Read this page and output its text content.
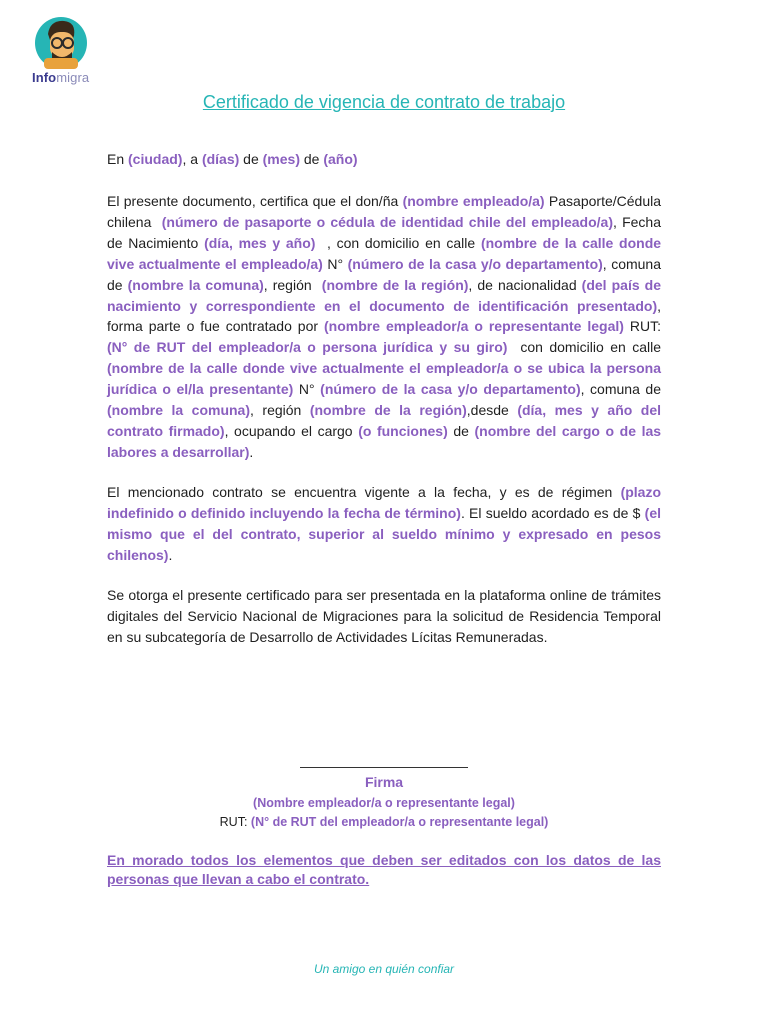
Infomigra
Certificado de vigencia de contrato de trabajo
En (ciudad), a (días) de (mes) de (año)
El presente documento, certifica que el don/ña (nombre empleado/a) Pasaporte/Cédula chilena (número de pasaporte o cédula de identidad chile del empleado/a), Fecha de Nacimiento (día, mes y año) , con domicilio en calle (nombre de la calle donde vive actualmente el empleado/a) N° (número de la casa y/o departamento), comuna de (nombre la comuna), región (nombre de la región), de nacionalidad (del país de nacimiento y correspondiente en el documento de identificación presentado), forma parte o fue contratado por (nombre empleador/a o representante legal) RUT: (N° de RUT del empleador/a o persona jurídica y su giro) con domicilio en calle (nombre de la calle donde vive actualmente el empleador/a o se ubica la persona jurídica o el/la presentante) N° (número de la casa y/o departamento), comuna de (nombre la comuna), región (nombre de la región),desde (día, mes y año del contrato firmado), ocupando el cargo (o funciones) de (nombre del cargo o de las labores a desarrollar).
El mencionado contrato se encuentra vigente a la fecha, y es de régimen (plazo indefinido o definido incluyendo la fecha de término). El sueldo acordado es de $ (el mismo que el del contrato, superior al sueldo mínimo y expresado en pesos chilenos).
Se otorga el presente certificado para ser presentada en la plataforma online de trámites digitales del Servicio Nacional de Migraciones para la solicitud de Residencia Temporal en su subcategoría de Desarrollo de Actividades Lícitas Remuneradas.
Firma
(Nombre empleador/a o representante legal)
RUT: (N° de RUT del empleador/a o representante legal)
En morado todos los elementos que deben ser editados con los datos de las personas que llevan a cabo el contrato.
Un amigo en quién confiar
